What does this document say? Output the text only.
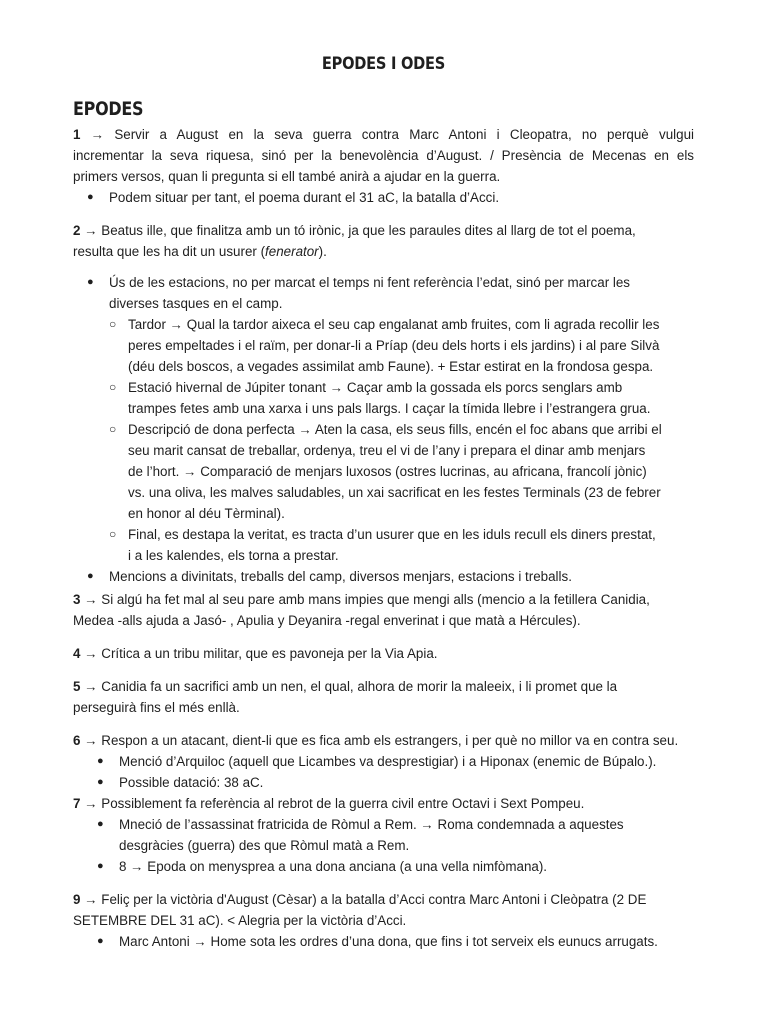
EPODES I ODES
EPODES
1 → Servir a August en la seva guerra contra Marc Antoni i Cleopatra, no perquè vulgui
incrementar la seva riquesa, sinó per la benevolència d’August. / Presència de Mecenas en els
primers versos, quan li pregunta si ell també anirà a ajudar en la guerra.
● Podem situar per tant, el poema durant el 31 aC, la batalla d’Acci.
2 → Beatus ille, que finalitza amb un tó irònic, ja que les paraules dites al llarg de tot el poema,
resulta que les ha dit un usurer (fenerator).
● Ús de les estacions, no per marcat el temps ni fent referència l’edat, sinó per marcar les
diverses tasques en el camp.
○ Tardor → Qual la tardor aixeca el seu cap engalanat amb fruites, com li agrada recollir les
peres empeltades i el raïm, per donar-li a Príap (deu dels horts i els jardins) i al pare Silvà
(déu dels boscos, a vegades assimilat amb Faune). + Estar estirat en la frondosa gespa.
○ Estació hivernal de Júpiter tonant → Caçar amb la gossada els porcs senglars amb
trampes fetes amb una xarxa i uns pals llargs. I caçar la tímida llebre i l’estrangera grua.
○ Descripció de dona perfecta → Aten la casa, els seus fills, encén el foc abans que arribi el
seu marit cansat de treballar, ordenya, treu el vi de l’any i prepara el dinar amb menjars
de l’hort. → Comparació de menjars luxosos (ostres lucrinas, au africana, francolí jònic)
vs. una oliva, les malves saludables, un xai sacrificat en les festes Terminals (23 de febrer
en honor al déu Tèrminal).
○ Final, es destapa la veritat, es tracta d’un usurer que en les iduls recull els diners prestat,
i a les kalendes, els torna a prestar.
● Mencions a divinitats, treballs del camp, diversos menjars, estacions i treballs.
3 → Si algú ha fet mal al seu pare amb mans impies que mengi alls (mencio a la fetillera Canidia,
Medea -alls ajuda a Jasó- , Apulia y Deyanira -regal enverinat i que matà a Hércules).
4 → Crítica a un tribu militar, que es pavoneja per la Via Apia.
5 → Canidia fa un sacrifici amb un nen, el qual, alhora de morir la maleeix, i li promet que la
perseguirà fins el més enllà.
6 → Respon a un atacant, dient-li que es fica amb els estrangers, i per què no millor va en contra seu.
● Menció d’Arquiloc (aquell que Licambes va desprestigiar) i a Hiponax (enemic de Búpalo.).
● Possible datació: 38 aC.
7 → Possiblement fa referència al rebrot de la guerra civil entre Octavi i Sext Pompeu.
● Mneció de l’assassinat fratricida de Ròmul a Rem. → Roma condemnada a aquestes
desgràcies (guerra) des que Ròmul matà a Rem.
● 8 → Epoda on menyspreа a una dona anciana (a una vella nimfòmana).
9 → Feliç per la victòria d'August (Cèsar) a la batalla d’Acci contra Marc Antoni i Cleòpatra (2 DE
SETEMBRE DEL 31 aC). < Alegria per la victòria d’Acci.
● Marc Antoni → Home sota les ordres d’una dona, que fins i tot serveix els eunucs arrugats.
